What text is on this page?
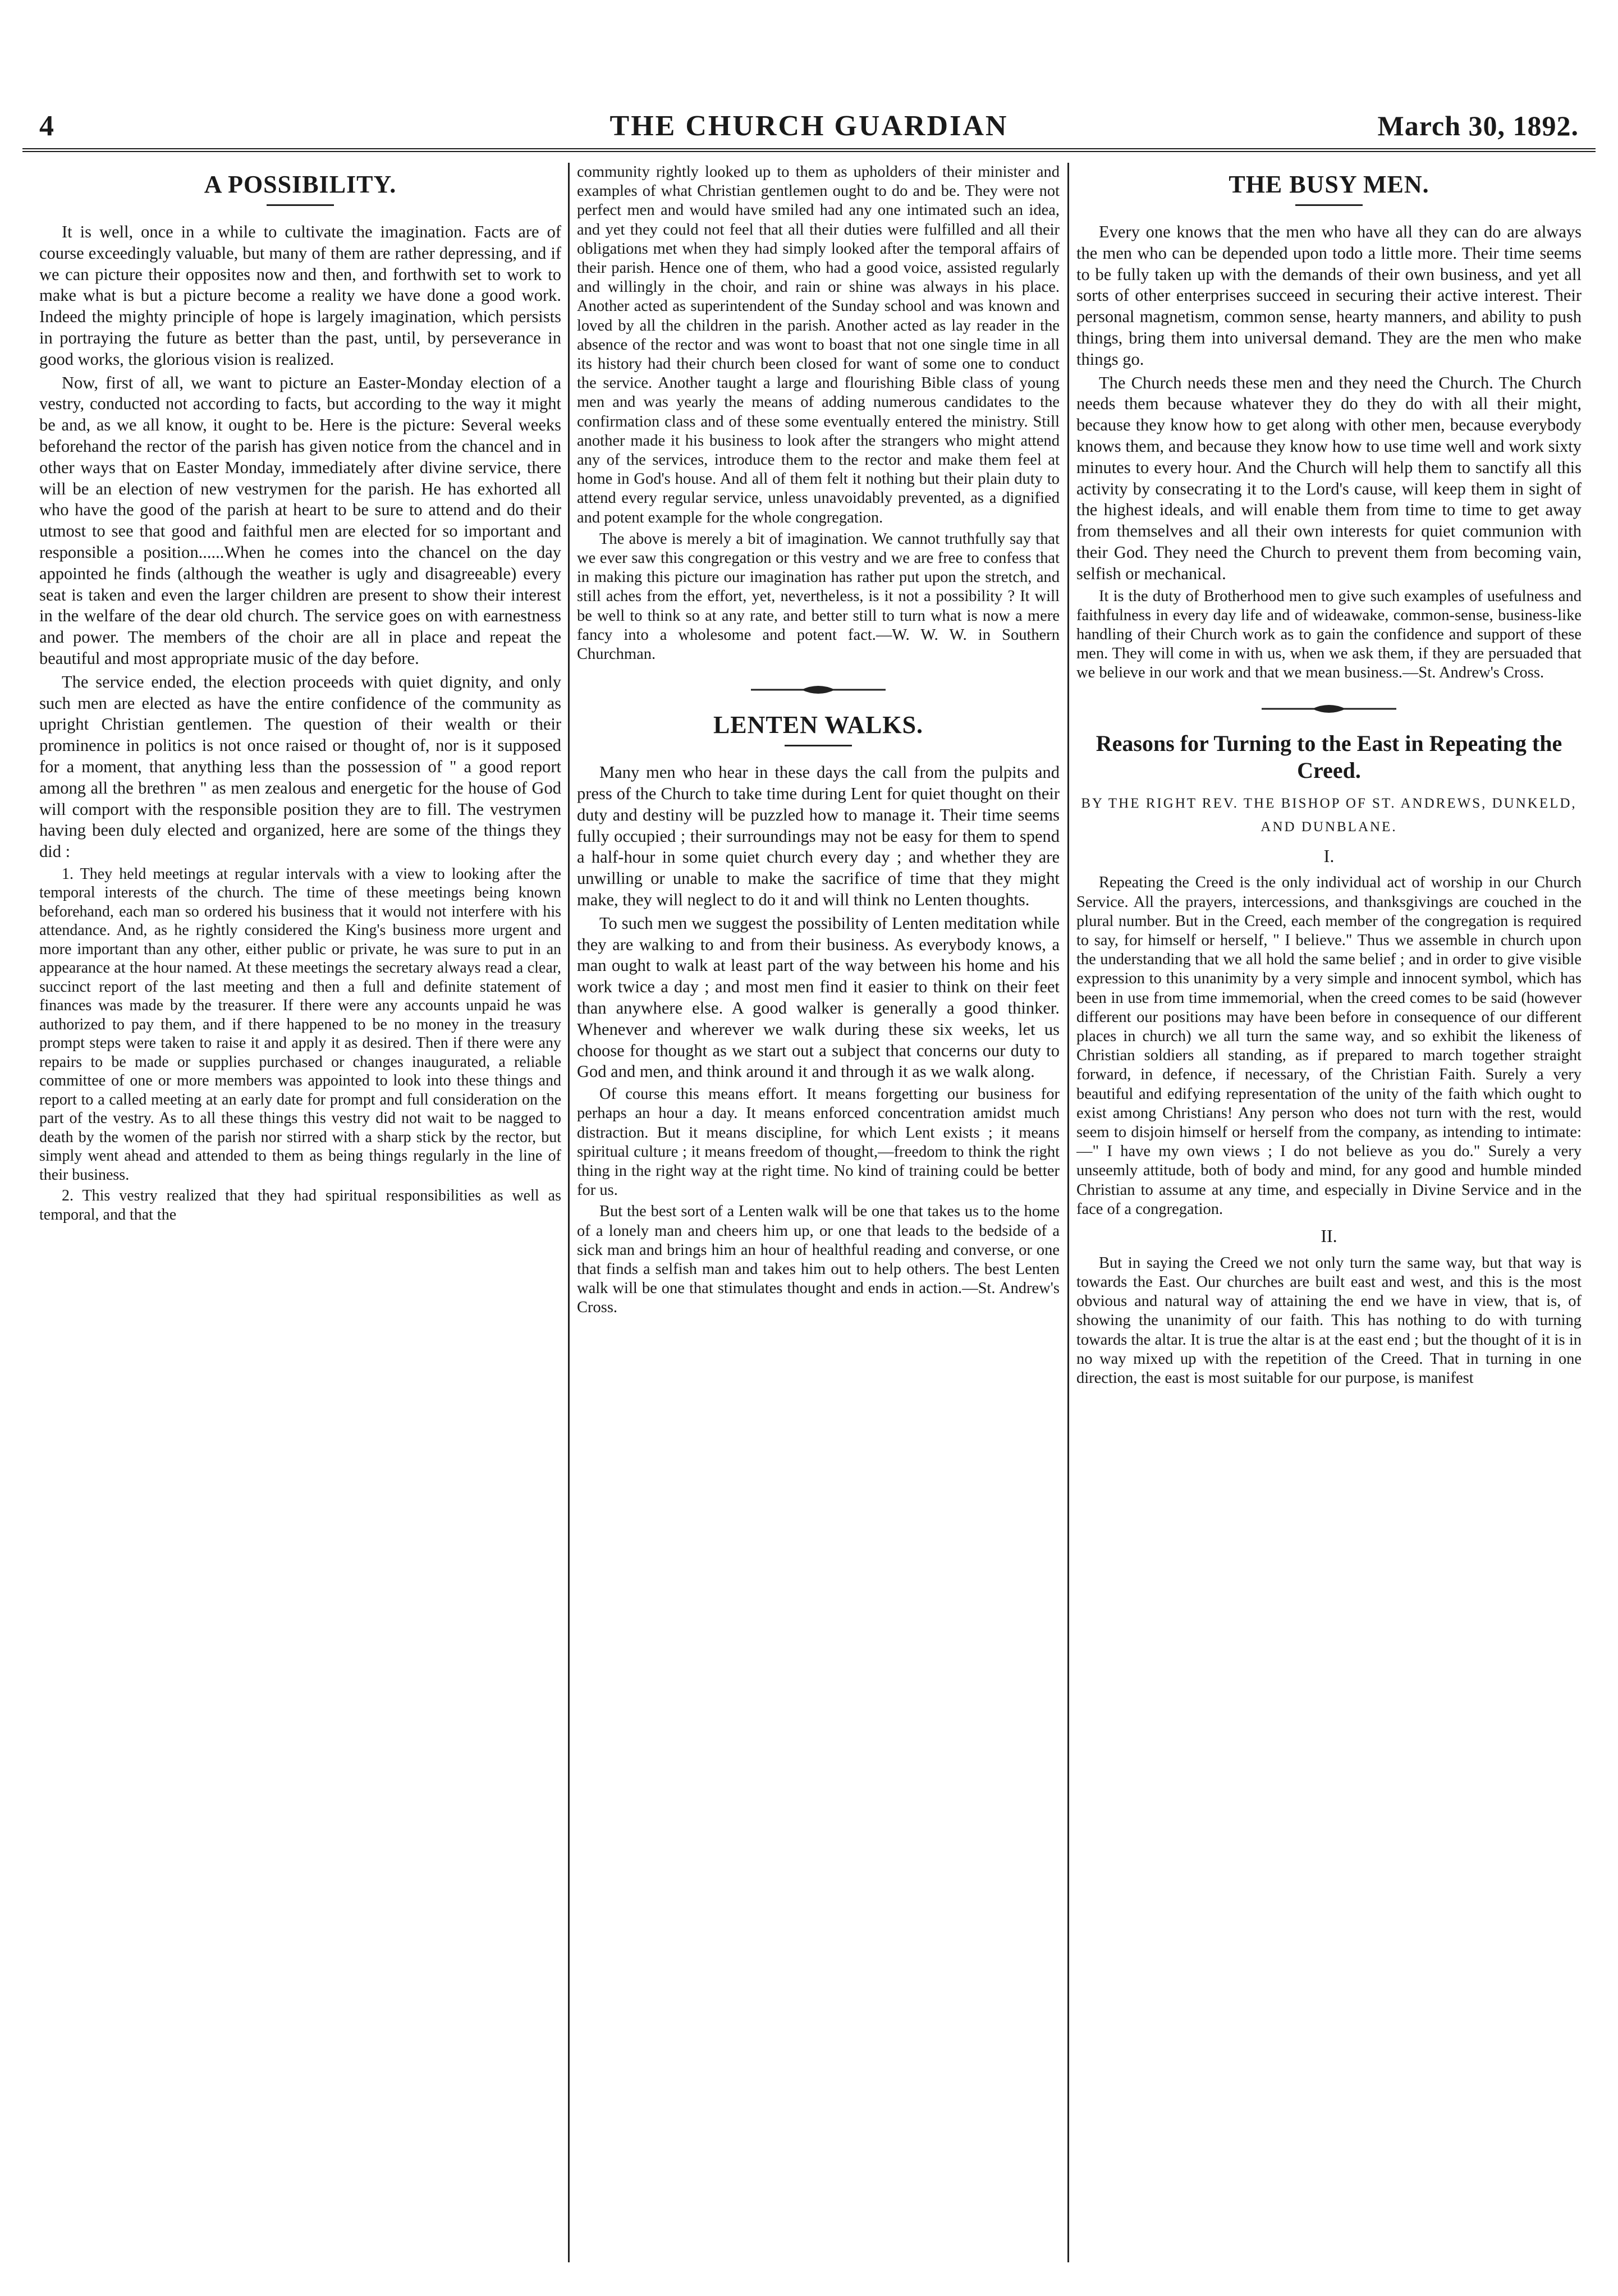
4	THE CHURCH GUARDIAN	March 30, 1892.
A POSSIBILITY.

It is well, once in a while to cultivate the imagination. Facts are of course exceedingly valuable, but many of them are rather depressing, and if we can picture their opposites now and then, and forthwith set to work to make what is but a picture become a reality we have done a good work. Indeed the mighty principle of hope is largely imagination, which persists in portraying the future as better than the past, until, by perseverance in good works, the glorious vision is realized.

Now, first of all, we want to picture an Easter-Monday election of a vestry, conducted not according to facts, but according to the way it might be and, as we all know, it ought to be. Here is the picture: Several weeks beforehand the rector of the parish has given notice from the chancel and in other ways that on Easter Monday, immediately after divine service, there will be an election of new vestrymen for the parish. He has exhorted all who have the good of the parish at heart to be sure to attend and do their utmost to see that good and faithful men are elected for so important and responsible a position......When he comes into the chancel on the day appointed he finds (although the weather is ugly and disagreeable) every seat is taken and even the larger children are present to show their interest in the welfare of the dear old church. The service goes on with earnestness and power. The members of the choir are all in place and repeat the beautiful and most appropriate music of the day before.

The service ended, the election proceeds with quiet dignity, and only such men are elected as have the entire confidence of the community as upright Christian gentlemen. The question of their wealth or their prominence in politics is not once raised or thought of, nor is it supposed for a moment, that anything less than the possession of " a good report among all the brethren " as men zealous and energetic for the house of God will comport with the responsible position they are to fill. The vestrymen having been duly elected and organized, here are some of the things they did :

1. They held meetings at regular intervals with a view to looking after the temporal interests of the church. The time of these meetings being known beforehand, each man so ordered his business that it would not interfere with his attendance. And, as he rightly considered the King's business more urgent and more important than any other, either public or private, he was sure to put in an appearance at the hour named. At these meetings the secretary always read a clear, succinct report of the last meeting and then a full and definite statement of finances was made by the treasurer. If there were any accounts unpaid he was authorized to pay them, and if there happened to be no money in the treasury prompt steps were taken to raise it and apply it as desired. Then if there were any repairs to be made or supplies purchased or changes inaugurated, a reliable committee of one or more members was appointed to look into these things and report to a called meeting at an early date for prompt and full consideration on the part of the vestry. As to all these things this vestry did not wait to be nagged to death by the women of the parish nor stirred with a sharp stick by the rector, but simply went ahead and attended to them as being things regularly in the line of their business.

2. This vestry realized that they had spiritual responsibilities as well as temporal, and that the

community rightly looked up to them as upholders of their minister and examples of what Christian gentlemen ought to do and be. They were not perfect men and would have smiled had any one intimated such an idea, and yet they could not feel that all their duties were fulfilled and all their obligations met when they had simply looked after the temporal affairs of their parish. Hence one of them, who had a good voice, assisted regularly and willingly in the choir, and rain or shine was always in his place. Another acted as superintendent of the Sunday school and was known and loved by all the children in the parish. Another acted as lay reader in the absence of the rector and was wont to boast that not one single time in all its history had their church been closed for want of some one to conduct the service. Another taught a large and flourishing Bible class of young men and was yearly the means of adding numerous candidates to the confirmation class and of these some eventually entered the ministry. Still another made it his business to look after the strangers who might attend any of the services, introduce them to the rector and make them feel at home in God's house. And all of them felt it nothing but their plain duty to attend every regular service, unless unavoidably prevented, as a dignified and potent example for the whole congregation.

The above is merely a bit of imagination. We cannot truthfully say that we ever saw this congregation or this vestry and we are free to confess that in making this picture our imagination has rather put upon the stretch, and still aches from the effort, yet, nevertheless, is it not a possibility ? It will be well to think so at any rate, and better still to turn what is now a mere fancy into a wholesome and potent fact.—W. W. W. in Southern Churchman.

LENTEN WALKS.

Many men who hear in these days the call from the pulpits and press of the Church to take time during Lent for quiet thought on their duty and destiny will be puzzled how to manage it. Their time seems fully occupied ; their surroundings may not be easy for them to spend a half-hour in some quiet church every day ; and whether they are unwilling or unable to make the sacrifice of time that they might make, they will neglect to do it and will think no Lenten thoughts.

To such men we suggest the possibility of Lenten meditation while they are walking to and from their business. As everybody knows, a man ought to walk at least part of the way between his home and his work twice a day ; and most men find it easier to think on their feet than anywhere else. A good walker is generally a good thinker. Whenever and wherever we walk during these six weeks, let us choose for thought as we start out a subject that concerns our duty to God and men, and think around it and through it as we walk along.

Of course this means effort. It means forgetting our business for perhaps an hour a day. It means enforced concentration amidst much distraction. But it means discipline, for which Lent exists ; it means spiritual culture ; it means freedom of thought,—freedom to think the right thing in the right way at the right time. No kind of training could be better for us.

But the best sort of a Lenten walk will be one that takes us to the home of a lonely man and cheers him up, or one that leads to the bedside of a sick man and brings him an hour of healthful reading and converse, or one that finds a selfish man and takes him out to help others. The best Lenten walk will be one that stimulates thought and ends in action.—St. Andrew's Cross.

THE BUSY MEN.

Every one knows that the men who have all they can do are always the men who can be depended upon todo a little more. Their time seems to be fully taken up with the demands of their own business, and yet all sorts of other enterprises succeed in securing their active interest. Their personal magnetism, common sense, hearty manners, and ability to push things, bring them into universal demand. They are the men who make things go.

The Church needs these men and they need the Church. The Church needs them because whatever they do they do with all their might, because they know how to get along with other men, because everybody knows them, and because they know how to use time well and work sixty minutes to every hour. And the Church will help them to sanctify all this activity by consecrating it to the Lord's cause, will keep them in sight of the highest ideals, and will enable them from time to time to get away from themselves and all their own interests for quiet communion with their God. They need the Church to prevent them from becoming vain, selfish or mechanical.

It is the duty of Brotherhood men to give such examples of usefulness and faithfulness in every day life and of wideawake, common-sense, business-like handling of their Church work as to gain the confidence and support of these men. They will come in with us, when we ask them, if they are persuaded that we believe in our work and that we mean business.—St. Andrew's Cross.

Reasons for Turning to the East in Repeating the Creed.
BY THE RIGHT REV. THE BISHOP OF ST. ANDREWS, DUNKELD, AND DUNBLANE.
I.

Repeating the Creed is the only individual act of worship in our Church Service. All the prayers, intercessions, and thanksgivings are couched in the plural number. But in the Creed, each member of the congregation is required to say, for himself or herself, " I believe." Thus we assemble in church upon the understanding that we all hold the same belief ; and in order to give visible expression to this unanimity by a very simple and innocent symbol, which has been in use from time immemorial, when the creed comes to be said (however different our positions may have been before in consequence of our different places in church) we all turn the same way, and so exhibit the likeness of Christian soldiers all standing, as if prepared to march together straight forward, in defence, if necessary, of the Christian Faith. Surely a very beautiful and edifying representation of the unity of the faith which ought to exist among Christians! Any person who does not turn with the rest, would seem to disjoin himself or herself from the company, as intending to intimate:—" I have my own views ; I do not believe as you do." Surely a very unseemly attitude, both of body and mind, for any good and humble minded Christian to assume at any time, and especially in Divine Service and in the face of a congregation.

II.

But in saying the Creed we not only turn the same way, but that way is towards the East. Our churches are built east and west, and this is the most obvious and natural way of attaining the end we have in view, that is, of showing the unanimity of our faith. This has nothing to do with turning towards the altar. It is true the altar is at the east end ; but the thought of it is in no way mixed up with the repetition of the Creed. That in turning in one direction, the east is most suitable for our purpose, is manifest
